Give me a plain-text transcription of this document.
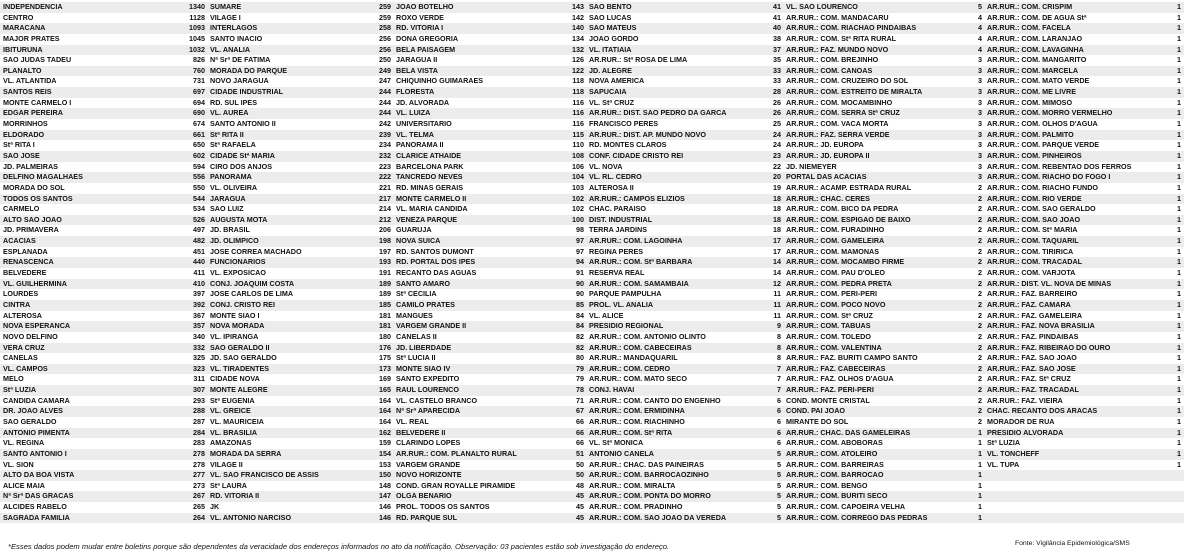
INDEPENDENCIA	1340
CENTRO	1128
MARACANA	1093
MAJOR PRATES	1045
IBITURUNA	1032
SAO JUDAS TADEU	826
PLANALTO	760
VL. ATLANTIDA	731
SANTOS REIS	697
MONTE CARMELO I	694
EDGAR PEREIRA	690
MORRINHOS	674
ELDORADO	661
Stª RITA I	650
SAO JOSE	602
JD. PALMEIRAS	594
DELFINO MAGALHAES	556
MORADA DO SOL	550
TODOS OS SANTOS	544
CARMELO	534
ALTO SAO JOAO	526
JD. PRIMAVERA	497
ACACIAS	482
ESPLANADA	451
RENASCENCA	440
BELVEDERE	411
VL. GUILHERMINA	410
LOURDES	397
CINTRA	392
ALTEROSA	367
NOVA ESPERANCA	357
NOVO DELFINO	340
VERA CRUZ	332
CANELAS	325
VL. CAMPOS	323
MELO	311
Stª LUZIA	307
CANDIDA CAMARA	293
DR. JOAO ALVES	288
SAO GERALDO	287
ANTONIO PIMENTA	284
VL. REGINA	283
SANTO ANTONIO I	278
VL. SION	278
ALTO DA BOA VISTA	277
ALICE MAIA	273
Nª Srª DAS GRACAS	267
ALCIDES RABELO	265
SAGRADA FAMILIA	264
SUMARE	259
VILAGE I	259
INTERLAGOS	258
SANTO INACIO	256
VL. ANALIA	256
Nª Srª DE FATIMA	250
MORADA DO PARQUE	249
NOVO JARAGUA	247
CIDADE INDUSTRIAL	244
RD. SUL IPES	244
VL. AUREA	244
SANTO ANTONIO II	242
Stª RITA II	239
Stª RAFAELA	234
CIDADE Stª MARIA	232
CIRO DOS ANJOS	223
PANORAMA	222
VL. OLIVEIRA	221
JARAGUA	217
SAO LUIZ	214
AUGUSTA MOTA	212
JD. BRASIL	206
JD. OLIMPICO	198
JOSE CORREA MACHADO	197
FUNCIONARIOS	193
VL. EXPOSICAO	191
CONJ. JOAQUIM COSTA	189
JOSE CARLOS DE LIMA	189
CONJ. CRISTO REI	185
MONTE SIAO I	181
NOVA MORADA	181
VL. IPIRANGA	180
SAO GERALDO II	176
JD. SAO GERALDO	175
VL. TIRADENTES	173
CIDADE NOVA	169
MONTE ALEGRE	165
Stª EUGENIA	164
VL. GREICE	164
VL. MAURICEIA	164
VL. BRASILIA	162
AMAZONAS	159
MORADA DA SERRA	154
VILAGE II	153
VL. SAO FRANCISCO DE ASSIS	150
Stª LAURA	148
RD. VITORIA II	147
JK	146
VL. ANTONIO NARCISO	146
JOAO BOTELHO	143
ROXO VERDE	142
RD. VITORIA I	140
DONA GREGORIA	134
BELA PAISAGEM	132
JARAGUA II	126
BELA VISTA	122
CHIQUINHO GUIMARAES	118
FLORESTA	118
JD. ALVORADA	116
VL. LUIZA	116
UNIVERSITARIO	116
VL. TELMA	115
PANORAMA II	110
CLARICE ATHAIDE	108
BARCELONA PARK	106
TANCREDO NEVES	104
RD. MINAS GERAIS	103
MONTE CARMELO II	102
VL. MARIA CANDIDA	102
VENEZA PARQUE	100
GUARUJA	98
NOVA SUICA	97
RD. SANTOS DUMONT	97
RD. PORTAL DOS IPES	94
RECANTO DAS AGUAS	91
SANTO AMARO	90
Stª CECILIA	90
CAMILO PRATES	85
MANGUES	84
VARGEM GRANDE II	84
CANELAS II	82
JD. LIBERDADE	82
Stª LUCIA II	80
MONTE SIAO IV	79
SANTO EXPEDITO	79
RAUL LOURENCO	78
VL. CASTELO BRANCO	71
Nª Srª APARECIDA	67
VL. REAL	66
BELVEDERE II	66
CLARINDO LOPES	66
AR.RUR.: COM. PLANALTO RURAL	51
VARGEM GRANDE	50
NOVO HORIZONTE	50
COND. GRAN ROYALLE PIRAMIDE	48
OLGA BENARIO	45
PROL. TODOS OS SANTOS	45
RD. PARQUE SUL	45
SAO BENTO	41
SAO LUCAS	41
SAO MATEUS	40
JOAO GORDO	38
VL. ITATIAIA	37
AR.RUR.: Stª ROSA DE LIMA	35
JD. ALEGRE	33
NOVA AMERICA	33
SAPUCAIA	28
VL. Stª CRUZ	26
AR.RUR.: DIST. SAO PEDRO DA GARCA	26
FRANCISCO PERES	25
AR.RUR.: DIST. AP. MUNDO NOVO	24
RD. MONTES CLAROS	24
CONF. CIDADE CRISTO REI	23
VL. NOVA	22
VL. RL. CEDRO	20
ALTEROSA II	19
AR.RUR.: CAMPOS ELIZIOS	18
CHAC. PARAISO	18
DIST. INDUSTRIAL	18
TERRA JARDINS	18
AR.RUR.: COM. LAGOINHA	17
REGINA PERES	17
AR.RUR.: COM. Stª BARBARA	14
RESERVA REAL	14
AR.RUR.: COM. SAMAMBAIA	12
PARQUE PAMPULHA	11
PROL. VL. ANALIA	11
VL. ALICE	11
PRESIDIO REGIONAL	9
AR.RUR.: COM. ANTONIO OLINTO	8
AR.RUR.: COM. CABECEIRAS	8
AR.RUR.: MANDAQUARIL	8
AR.RUR.: COM. CEDRO	7
AR.RUR.: COM. MATO SECO	7
CONJ. HAVAI	7
AR.RUR.: COM. CANTO DO ENGENHO	6
AR.RUR.: COM. ERMIDINHA	6
AR.RUR.: COM. RIACHINHO	6
AR.RUR.: COM. Stª RITA	6
VL. Stª MONICA	6
ANTONIO CANELA	5
AR.RUR.: CHAC. DAS PAINEIRAS	5
AR.RUR.: COM. BARROCAOZINHO	5
AR.RUR.: COM. MIRALTA	5
AR.RUR.: COM. PONTA DO MORRO	5
AR.RUR.: COM. PRADINHO	5
AR.RUR.: COM. SAO JOAO DA VEREDA	5
VL. SAO LOURENCO	5
AR.RUR.: COM. MANDACARU	4
AR.RUR.: COM. RIACHAO PINDAIBAS	4
AR.RUR.: COM. Stª RITA RURAL	4
AR.RUR.: FAZ. MUNDO NOVO	4
AR.RUR.: COM. BREJINHO	3
AR.RUR.: COM. CANOAS	3
AR.RUR.: COM. CRUZEIRO DO SOL	3
AR.RUR.: COM. ESTREITO DE MIRALTA	3
AR.RUR.: COM. MOCAMBINHO	3
AR.RUR.: COM. SERRA Stª CRUZ	3
AR.RUR.: COM. VACA MORTA	3
AR.RUR.: FAZ. SERRA VERDE	3
AR.RUR.: JD. EUROPA	3
AR.RUR.: JD. EUROPA II	3
JD. NIEMEYER	3
PORTAL DAS ACACIAS	3
AR.RUR.: ACAMP. ESTRADA RURAL	2
AR.RUR.: CHAC. CERES	2
AR.RUR.: COM. BICO DA PEDRA	2
AR.RUR.: COM. ESPIGAO DE BAIXO	2
AR.RUR.: COM. FURADINHO	2
AR.RUR.: COM. GAMELEIRA	2
AR.RUR.: COM. MAMONAS	2
AR.RUR.: COM. MOCAMBO FIRME	2
AR.RUR.: COM. PAU D'OLEO	2
AR.RUR.: COM. PEDRA PRETA	2
AR.RUR.: COM. PERI-PERI	2
AR.RUR.: COM. POCO NOVO	2
AR.RUR.: COM. Stª CRUZ	2
AR.RUR.: COM. TABUAS	2
AR.RUR.: COM. TOLEDO	2
AR.RUR.: COM. VALENTINA	2
AR.RUR.: FAZ. BURITI CAMPO SANTO	2
AR.RUR.: FAZ. CABECEIRAS	2
AR.RUR.: FAZ. OLHOS D'AGUA	2
AR.RUR.: FAZ. PERI-PERI	2
COND. MONTE CRISTAL	2
COND. PAI JOAO	2
MIRANTE DO SOL	2
AR.RUR.: CHAC. DAS GAMELEIRAS	1
AR.RUR.: COM. ABOBORAS	1
AR.RUR.: COM. ATOLEIRO	1
AR.RUR.: COM. BARREIRAS	1
AR.RUR.: COM. BARROCAO	1
AR.RUR.: COM. BENGO	1
AR.RUR.: COM. BURITI SECO	1
AR.RUR.: COM. CAPOEIRA VELHA	1
AR.RUR.: COM. CORREGO DAS PEDRAS	1
AR.RUR.: COM. CRISPIM	1
AR.RUR.: COM. DE AGUA Stª	1
AR.RUR.: COM. FACELA	1
AR.RUR.: COM. LARANJAO	1
AR.RUR.: COM. LAVAGINHA	1
AR.RUR.: COM. MANGARITO	1
AR.RUR.: COM. MARCELA	1
AR.RUR.: COM. MATO VERDE	1
AR.RUR.: COM. ME LIVRE	1
AR.RUR.: COM. MIMOSO	1
AR.RUR.: COM. MORRO VERMELHO	1
AR.RUR.: COM. OLHOS D'AGUA	1
AR.RUR.: COM. PALMITO	1
AR.RUR.: COM. PARQUE VERDE	1
AR.RUR.: COM. PINHEIROS	1
AR.RUR.: COM. REBENTAO DOS FERROS	1
AR.RUR.: COM. RIACHO DO FOGO I	1
AR.RUR.: COM. RIACHO FUNDO	1
AR.RUR.: COM. RIO VERDE	1
AR.RUR.: COM. SAO GERALDO	1
AR.RUR.: COM. SAO JOAO	1
AR.RUR.: COM. Stª MARIA	1
AR.RUR.: COM. TAQUARIL	1
AR.RUR.: COM. TIRIRICA	1
AR.RUR.: COM. TRACADAL	1
AR.RUR.: COM. VARJOTA	1
AR.RUR.: DIST. VL. NOVA DE MINAS	1
AR.RUR.: FAZ. BARREIRO	1
AR.RUR.: FAZ. CAMARA	1
AR.RUR.: FAZ. GAMELEIRA	1
AR.RUR.: FAZ. NOVA BRASILIA	1
AR.RUR.: FAZ. PINDAIBAS	1
AR.RUR.: FAZ. RIBEIRAO DO OURO	1
AR.RUR.: FAZ. SAO JOAO	1
AR.RUR.: FAZ. SAO JOSE	1
AR.RUR.: FAZ. Stª CRUZ	1
AR.RUR.: FAZ. TRACADAL	1
AR.RUR.: FAZ. VIEIRA	1
CHAC. RECANTO DOS ARACAS	1
MORADOR DE RUA	1
PRESIDIO ALVORADA	1
Stª LUZIA	1
VL. TONCHEFF	1
VL. TUPA	1
*Esses dados podem mudar entre boletins porque são dependentes da veracidade dos endereços informados no ato da notificação. Observação: 03 pacientes estão sob investigação do endereço.	Fonte: Vigilância Epidemiológica/SMS
